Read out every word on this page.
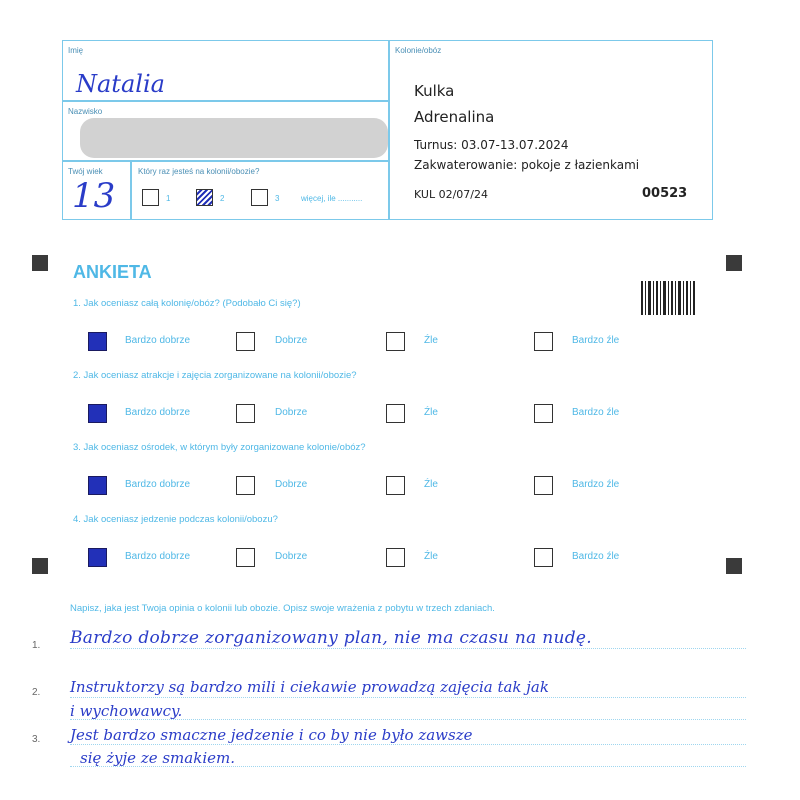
Imię
Natalia
Nazwisko
Twój wiek
13
Który raz jesteś na kolonii/obozie?
1	2	3	więcej, ile ...........
Kolonie/obóz
Kulka
Adrenalina
Turnus: 03.07-13.07.2024
Zakwaterowanie: pokoje z łazienkami
KUL 02/07/24	00523
ANKIETA
1. Jak oceniasz całą kolonię/obóz? (Podobało Ci się?)
Bardzo dobrze	Dobrze	Źle	Bardzo źle
2. Jak oceniasz atrakcje i zajęcia zorganizowane na kolonii/obozie?
Bardzo dobrze	Dobrze	Źle	Bardzo źle
3. Jak oceniasz ośrodek, w którym były zorganizowane kolonie/obóz?
Bardzo dobrze	Dobrze	Źle	Bardzo źle
4. Jak oceniasz jedzenie podczas kolonii/obozu?
Bardzo dobrze	Dobrze	Źle	Bardzo źle
Napisz, jaka jest Twoja opinia o kolonii lub obozie. Opisz swoje wrażenia z pobytu w trzech zdaniach.
1. Bardzo dobrze zorganizowany plan, nie ma czasu na nudę.
2. Instruktorzy są bardzo mili i ciekawie prowadzą zajęcia tak jak
i wychowawcy.
3. Jest bardzo smaczne jedzenie i co by nie było zawsze
się żyje ze smakiem.
